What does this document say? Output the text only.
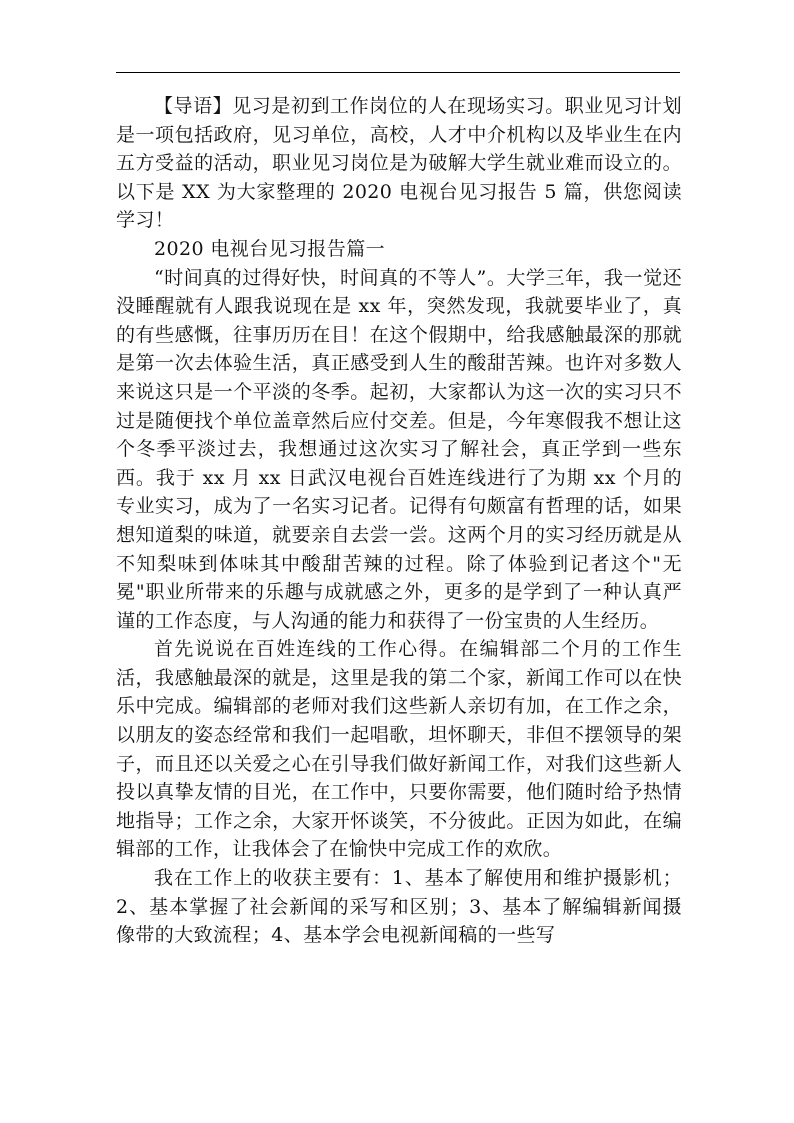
【导语】见习是初到工作岗位的人在现场实习。职业见习计划是一项包括政府，见习单位，高校，人才中介机构以及毕业生在内五方受益的活动，职业见习岗位是为破解大学生就业难而设立的。以下是 XX 为大家整理的 2020 电视台见习报告 5 篇，供您阅读学习！

2020 电视台见习报告篇一

“时间真的过得好快，时间真的不等人”。大学三年，我一觉还没睡醒就有人跟我说现在是 xx 年，突然发现，我就要毕业了，真的有些感慨，往事历历在目！在这个假期中，给我感触最深的那就是第一次去体验生活，真正感受到人生的酸甜苦辣。也许对多数人来说这只是一个平淡的冬季。起初，大家都认为这一次的实习只不过是随便找个单位盖章然后应付交差。但是，今年寒假我不想让这个冬季平淡过去，我想通过这次实习了解社会，真正学到一些东西。我于 xx 月 xx 日武汉电视台百姓连线进行了为期 xx 个月的专业实习，成为了一名实习记者。记得有句颇富有哲理的话，如果想知道梨的味道，就要亲自去尝一尝。这两个月的实习经历就是从不知梨味到体味其中酸甜苦辣的过程。除了体验到记者这个"无冕"职业所带来的乐趣与成就感之外，更多的是学到了一种认真严谨的工作态度，与人沟通的能力和获得了一份宝贵的人生经历。

首先说说在百姓连线的工作心得。在编辑部二个月的工作生活，我感触最深的就是，这里是我的第二个家，新闻工作可以在快乐中完成。编辑部的老师对我们这些新人亲切有加，在工作之余，以朋友的姿态经常和我们一起唱歌，坦怀聊天，非但不摆领导的架子，而且还以关爱之心在引导我们做好新闻工作，对我们这些新人投以真挚友情的目光，在工作中，只要你需要，他们随时给予热情地指导；工作之余，大家开怀谈笑，不分彼此。正因为如此，在编辑部的工作，让我体会了在愉快中完成工作的欢欣。

我在工作上的收获主要有：1、基本了解使用和维护摄影机；2、基本掌握了社会新闻的采写和区别；3、基本了解编辑新闻摄像带的大致流程；4、基本学会电视新闻稿的一些写
